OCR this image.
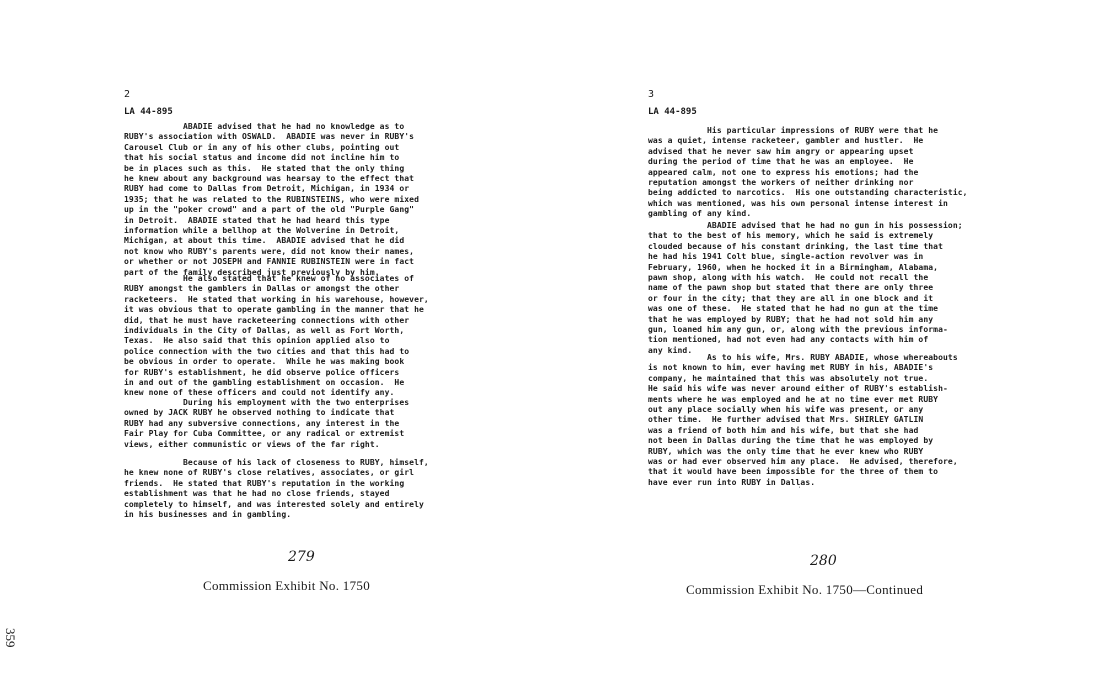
2
LA 44-895
ABADIE advised that he had no knowledge as to
RUBY's association with OSWALD.  ABADIE was never in RUBY's
Carousel Club or in any of his other clubs, pointing out
that his social status and income did not incline him to
be in places such as this.  He stated that the only thing
he knew about any background was hearsay to the effect that
RUBY had come to Dallas from Detroit, Michigan, in 1934 or
1935; that he was related to the RUBINSTEINS, who were mixed
up in the "poker crowd" and a part of the old "Purple Gang"
in Detroit.  ABADIE stated that he had heard this type
information while a bellhop at the Wolverine in Detroit,
Michigan, at about this time.  ABADIE advised that he did
not know who RUBY's parents were, did not know their names,
or whether or not JOSEPH and FANNIE RUBINSTEIN were in fact
part of the family described just previously by him.
He also stated that he knew of no associates of
RUBY amongst the gamblers in Dallas or amongst the other
racketeers.  He stated that working in his warehouse, however,
it was obvious that to operate gambling in the manner that he
did, that he must have racketeering connections with other
individuals in the City of Dallas, as well as Fort Worth,
Texas.  He also said that this opinion applied also to
police connection with the two cities and that this had to
be obvious in order to operate.  While he was making book
for RUBY's establishment, he did observe police officers
in and out of the gambling establishment on occasion.  He
knew none of these officers and could not identify any.
During his employment with the two enterprises
owned by JACK RUBY he observed nothing to indicate that
RUBY had any subversive connections, any interest in the
Fair Play for Cuba Committee, or any radical or extremist
views, either communistic or views of the far right.
Because of his lack of closeness to RUBY, himself,
he knew none of RUBY's close relatives, associates, or girl
friends.  He stated that RUBY's reputation in the working
establishment was that he had no close friends, stayed
completely to himself, and was interested solely and entirely
in his businesses and in gambling.
279
Commission Exhibit No. 1750
3
LA 44-895
His particular impressions of RUBY were that he
was a quiet, intense racketeer, gambler and hustler.  He
advised that he never saw him angry or appearing upset
during the period of time that he was an employee.  He
appeared calm, not one to express his emotions; had the
reputation amongst the workers of neither drinking nor
being addicted to narcotics.  His one outstanding characteristic,
which was mentioned, was his own personal intense interest in
gambling of any kind.
ABADIE advised that he had no gun in his possession;
that to the best of his memory, which he said is extremely
clouded because of his constant drinking, the last time that
he had his 1941 Colt blue, single-action revolver was in
February, 1960, when he hocked it in a Birmingham, Alabama,
pawn shop, along with his watch.  He could not recall the
name of the pawn shop but stated that there are only three
or four in the city; that they are all in one block and it
was one of these.  He stated that he had no gun at the time
that he was employed by RUBY; that he had not sold him any
gun, loaned him any gun, or, along with the previous informa-
tion mentioned, had not even had any contacts with him of
any kind.
As to his wife, Mrs. RUBY ABADIE, whose whereabouts
is not known to him, ever having met RUBY in his, ABADIE's
company, he maintained that this was absolutely not true.
He said his wife was never around either of RUBY's establish-
ments where he was employed and he at no time ever met RUBY
out any place socially when his wife was present, or any
other time.  He further advised that Mrs. SHIRLEY GATLIN
was a friend of both him and his wife, but that she had
not been in Dallas during the time that he was employed by
RUBY, which was the only time that he ever knew who RUBY
was or had ever observed him any place.  He advised, therefore,
that it would have been impossible for the three of them to
have ever run into RUBY in Dallas.
280
Commission Exhibit No. 1750—Continued
˙
359
